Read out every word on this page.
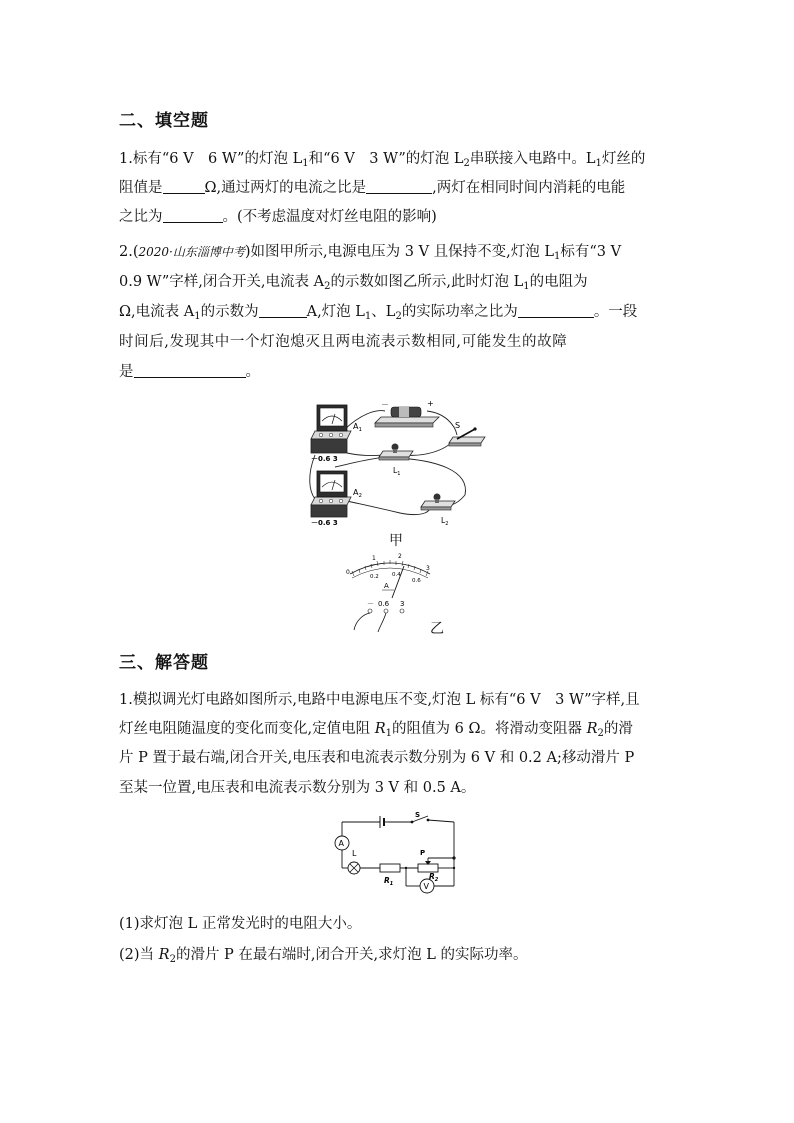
二、填空题
1.标有“6 V　6 W”的灯泡 $L_1$和“6 V　3 W”的灯泡 $L_2$串联接入电路中。$L_1$灯丝的
阻值是	Ω,通过两灯的电流之比是	,两灯在相同时间内消耗的电能
之比为	。(不考虑温度对灯丝电阻的影响)
2.(2020·山东淄博中考)如图甲所示,电源电压为 3 V 且保持不变,灯泡 $L_1$标有“3 V
0.9 W”字样,闭合开关,电流表 $A_2$的示数如图乙所示,此时灯泡 $L_1$的电阻为
Ω,电流表 $A_1$的示数为	A,灯泡 $L_1$、$L_2$的实际功率之比为	。一段
时间后,发现其中一个灯泡熄灭且两电流表示数相同,可能发生的故障
是	。
$A_1$
－0.6 3
－	+
S
$L_1$
$A_2$
－0.6 3	$L_2$
甲
0
1	2
3
0.2 0.4
0.6
A
－ 0.6 3
乙
三、解答题
1.模拟调光灯电路如图所示,电路中电源电压不变,灯泡 L 标有“6 V　3 W”字样,且
灯丝电阻随温度的变化而变化,定值电阻 $R_1$的阻值为 6 Ω。将滑动变阻器 $R_2$的滑
片 P 置于最右端,闭合开关,电压表和电流表示数分别为 6 V 和 0.2 A;移动滑片 P
至某一位置,电压表和电流表示数分别为 3 V 和 0.5 A。
S
A
L
$R_1$
P
$R_2$
V
(1)求灯泡 L 正常发光时的电阻大小。
(2)当 $R_2$的滑片 P 在最右端时,闭合开关,求灯泡 L 的实际功率。
